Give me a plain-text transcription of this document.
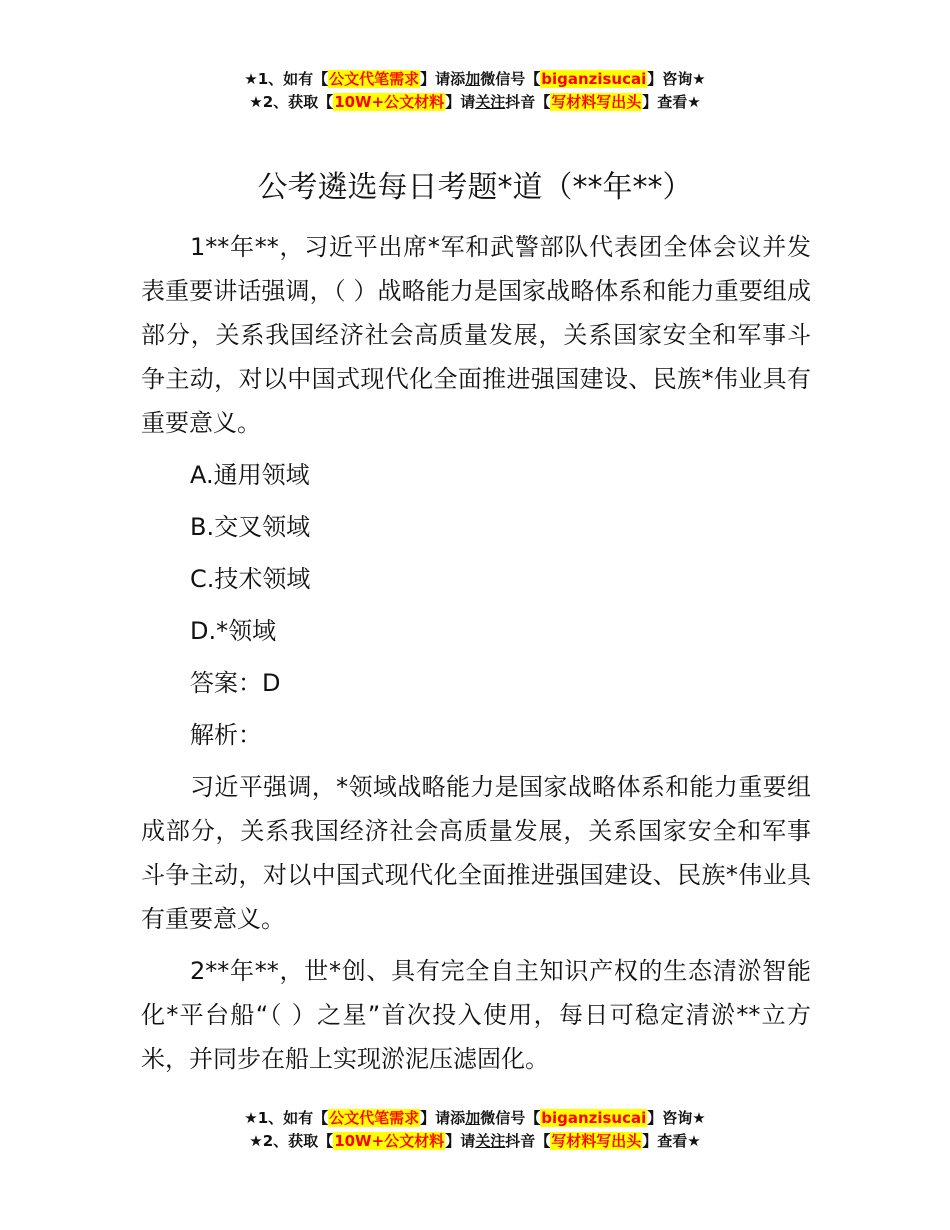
★1、如有【公文代笔需求】请添加微信号【biganzisucai】咨询★
★2、获取【10W+公文材料】请关注抖音【写材料写出头】查看★
公考遴选每日考题*道（**年**）

1**年**，习近平出席*军和武警部队代表团全体会议并发表重要讲话强调，（ ）战略能力是国家战略体系和能力重要组成部分，关系我国经济社会高质量发展，关系国家安全和军事斗争主动，对以中国式现代化全面推进强国建设、民族*伟业具有重要意义。

A.通用领域

B.交叉领域

C.技术领域

D.*领域

答案：D

解析：

习近平强调，*领域战略能力是国家战略体系和能力重要组成部分，关系我国经济社会高质量发展，关系国家安全和军事斗争主动，对以中国式现代化全面推进强国建设、民族*伟业具有重要意义。

2**年**，世*创、具有完全自主知识产权的生态清淤智能化*平台船“（ ）之星”首次投入使用，每日可稳定清淤**立方米，并同步在船上实现淤泥压滤固化。

★1、如有【公文代笔需求】请添加微信号【biganzisucai】咨询★
★2、获取【10W+公文材料】请关注抖音【写材料写出头】查看★
